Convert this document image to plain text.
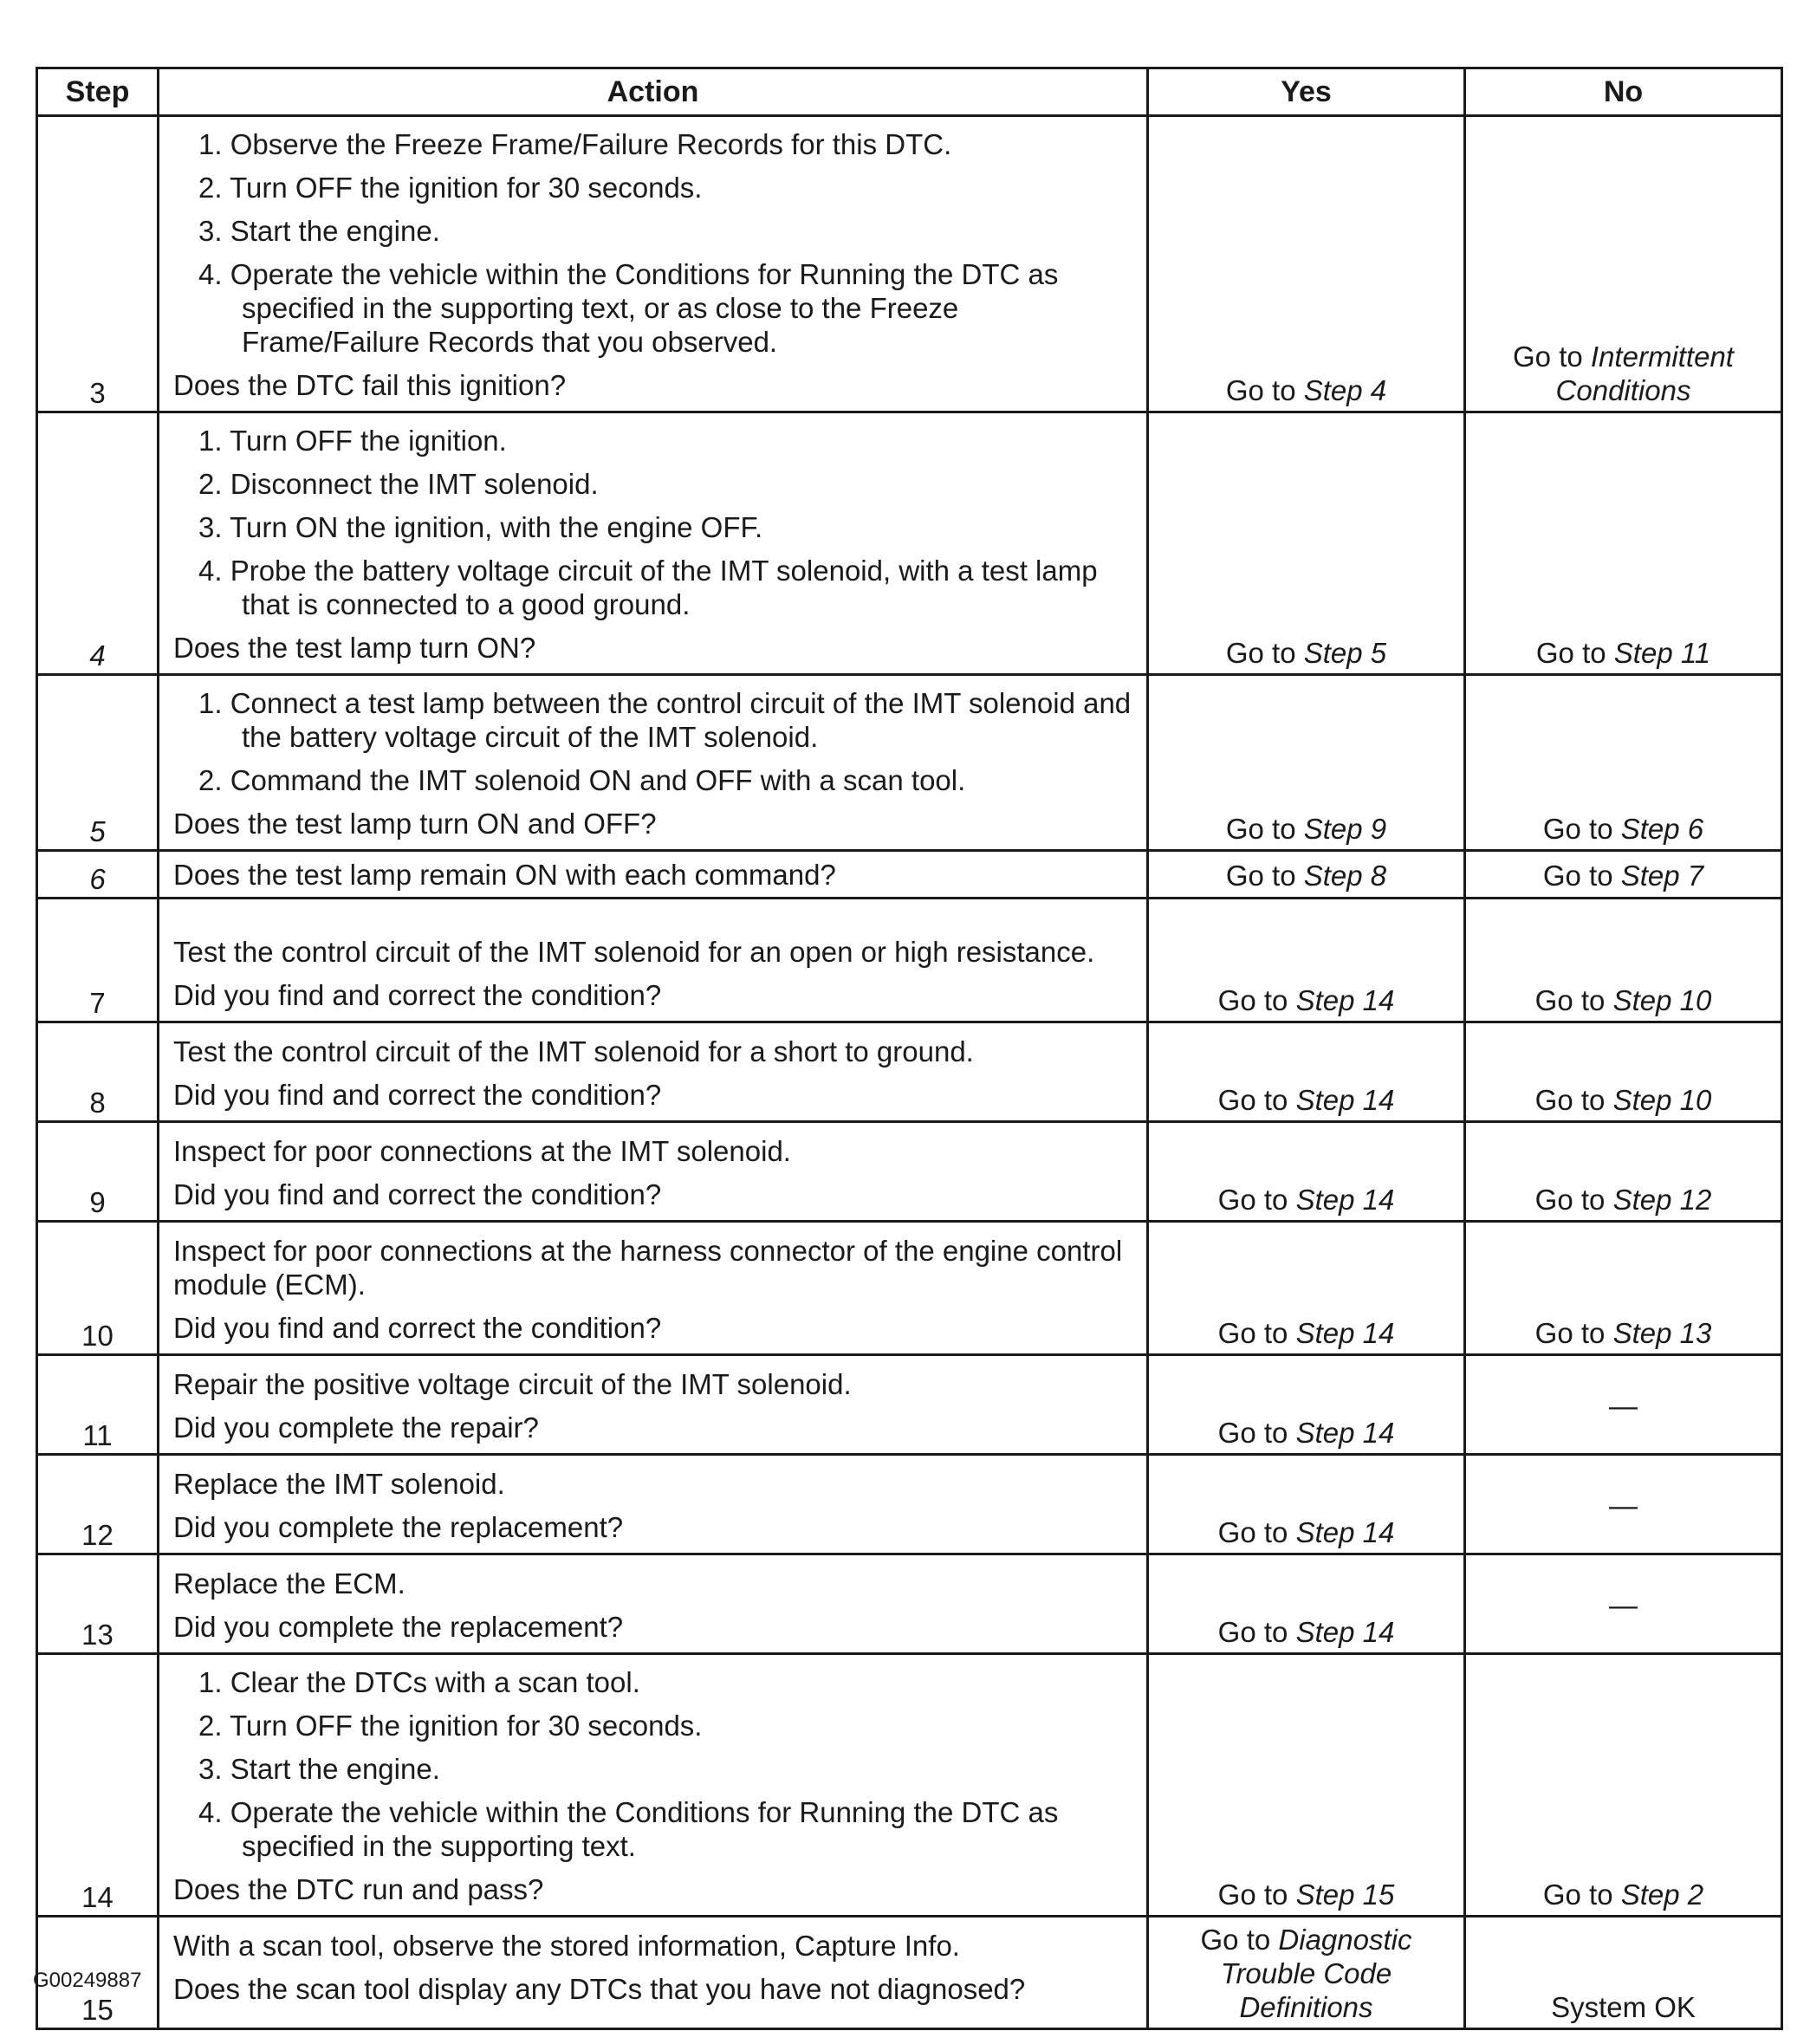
Step	Action	Yes	No
3	1. Observe the Freeze Frame/Failure Records for this DTC.
2. Turn OFF the ignition for 30 seconds.
3. Start the engine.
4. Operate the vehicle within the Conditions for Running the DTC as specified in the supporting text, or as close to the Freeze Frame/Failure Records that you observed.
Does the DTC fail this ignition?	Go to Step 4	Go to Intermittent Conditions
4	1. Turn OFF the ignition.
2. Disconnect the IMT solenoid.
3. Turn ON the ignition, with the engine OFF.
4. Probe the battery voltage circuit of the IMT solenoid, with a test lamp that is connected to a good ground.
Does the test lamp turn ON?	Go to Step 5	Go to Step 11
5	1. Connect a test lamp between the control circuit of the IMT solenoid and the battery voltage circuit of the IMT solenoid.
2. Command the IMT solenoid ON and OFF with a scan tool.
Does the test lamp turn ON and OFF?	Go to Step 9	Go to Step 6
6	Does the test lamp remain ON with each command?	Go to Step 8	Go to Step 7
7	Test the control circuit of the IMT solenoid for an open or high resistance.
Did you find and correct the condition?	Go to Step 14	Go to Step 10
8	Test the control circuit of the IMT solenoid for a short to ground.
Did you find and correct the condition?	Go to Step 14	Go to Step 10
9	Inspect for poor connections at the IMT solenoid.
Did you find and correct the condition?	Go to Step 14	Go to Step 12
10	Inspect for poor connections at the harness connector of the engine control module (ECM).
Did you find and correct the condition?	Go to Step 14	Go to Step 13
11	Repair the positive voltage circuit of the IMT solenoid.
Did you complete the repair?	Go to Step 14	—

12	Replace the IMT solenoid.
Did you complete the replacement?	Go to Step 14	—

13	Replace the ECM.
Did you complete the replacement?	Go to Step 14	—

14	1. Clear the DTCs with a scan tool.
2. Turn OFF the ignition for 30 seconds.
3. Start the engine.
4. Operate the vehicle within the Conditions for Running the DTC as specified in the supporting text.
Does the DTC run and pass?	Go to Step 15	Go to Step 2
15	With a scan tool, observe the stored information, Capture Info.
Does the scan tool display any DTCs that you have not diagnosed?	Go to Diagnostic Trouble Code Definitions	System OK
G00249887
